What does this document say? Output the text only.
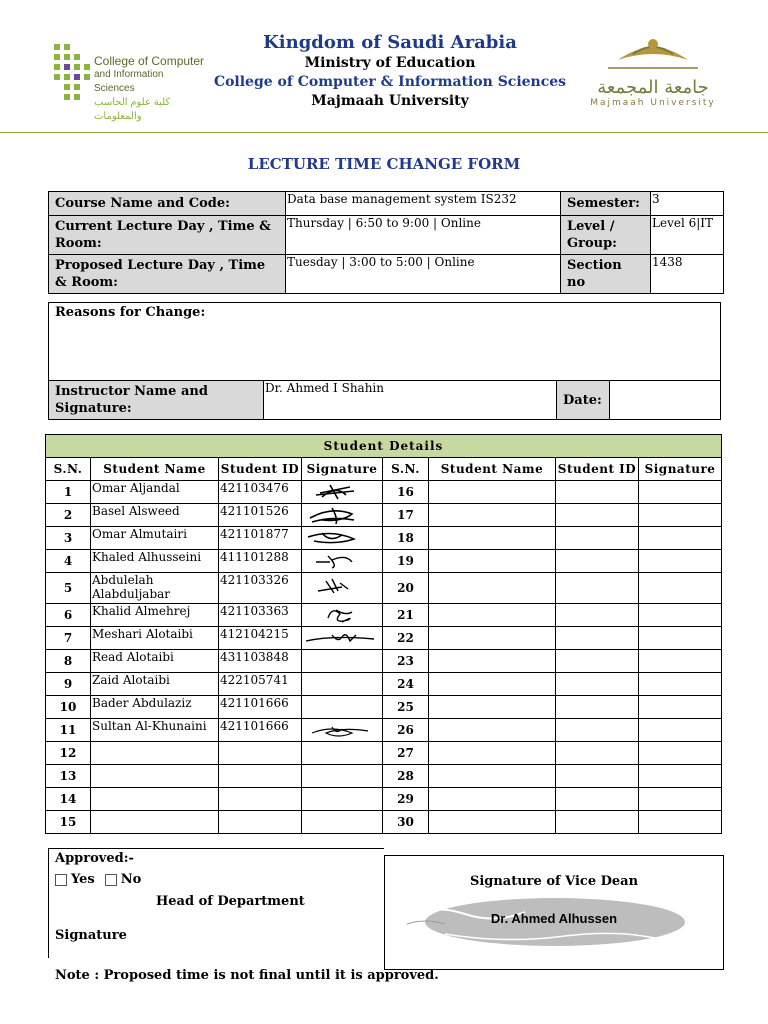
College of Computer
and Information Sciences
كلية علوم الحاسب والمعلومات
Kingdom of Saudi Arabia
Ministry of Education
College of Computer & Information Sciences
Majmaah University
جامعة المجمعة
Majmaah University
LECTURE TIME CHANGE FORM
Course Name and Code:	Data base management system IS232	Semester:	3
Current Lecture Day , Time & Room:	Thursday | 6:50 to 9:00 | Online	Level / Group:	Level 6|IT
Proposed Lecture Day , Time & Room:	Tuesday | 3:00 to 5:00 | Online	Section no	1438
Reasons for Change:
Instructor Name and Signature:	Dr. Ahmed I Shahin	Date:	
Student Details							
S.N.	Student Name	Student ID	Signature	S.N.	Student Name	Student ID	Signature
1	Omar Aljandal	421103476		16			
2	Basel Alsweed	421101526		17			
3	Omar Almutairi	421101877		18			
4	Khaled Alhusseini	411101288		19			
5	Abdulelah Alabduljabar	421103326		20			
6	Khalid Almehrej	421103363		21			
7	Meshari Alotaibi	412104215		22			
8	Read Alotaibi	431103848		23			
9	Zaid Alotaibi	422105741		24			
10	Bader Abdulaziz	421101666		25			
11	Sultan Al-Khunaini	421101666		26			
12				27			
13				28			
14				29			
15				30			
Approved:-
Yes No
Head of Department
Signature
Signature of Vice Dean
Dr. Ahmed Alhussen
Note : Proposed time is not final until it is approved.
